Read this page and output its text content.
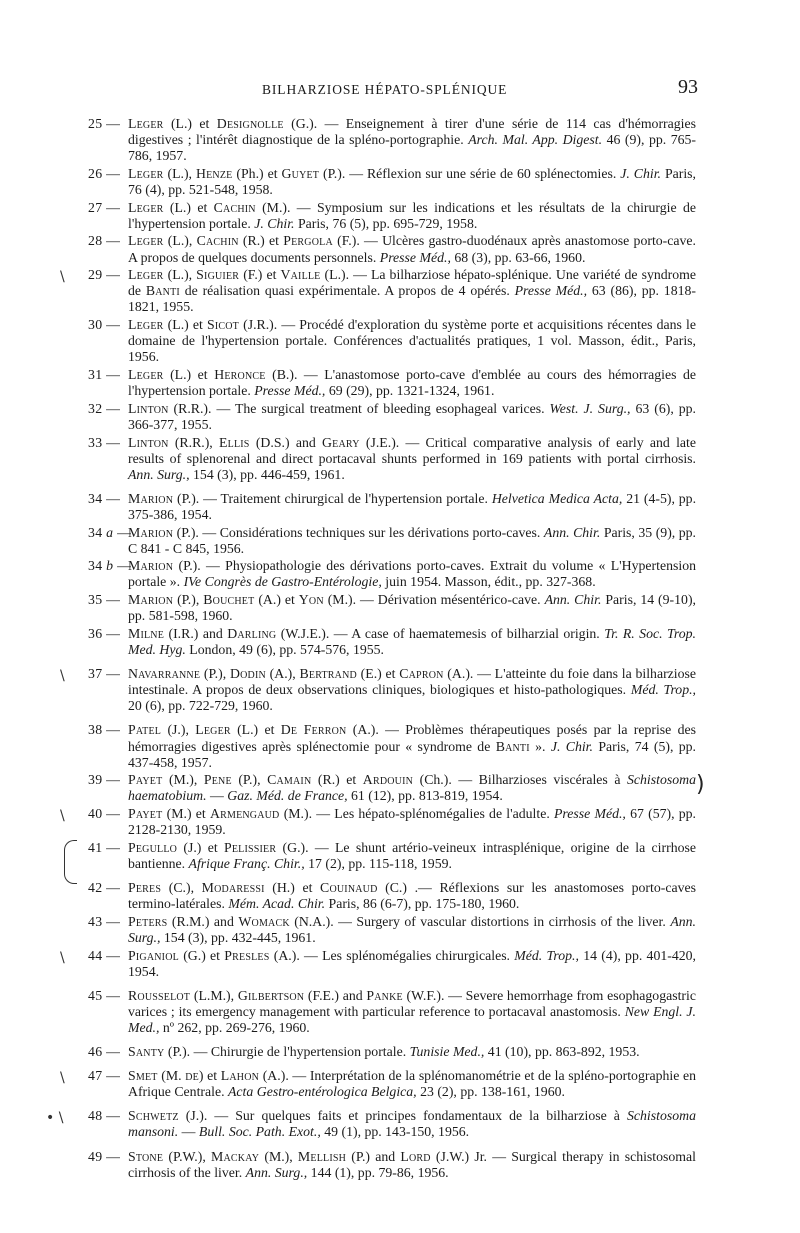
BILHARZIOSE HÉPATO-SPLÉNIQUE	93
25 — Leger (L.) et Designolle (G.). — Enseignement à tirer d'une série de 114 cas d'hémorragies digestives ; l'intérêt diagnostique de la spléno-portographie. Arch. Mal. App. Digest. 46 (9), pp. 765-786, 1957.
26 — Leger (L.), Henze (Ph.) et Guyet (P.). — Réflexion sur une série de 60 splénectomies. J. Chir. Paris, 76 (4), pp. 521-548, 1958.
27 — Leger (L.) et Cachin (M.). — Symposium sur les indications et les résultats de la chirurgie de l'hypertension portale. J. Chir. Paris, 76 (5), pp. 695-729, 1958.
28 — Leger (L.), Cachin (R.) et Pergola (F.). — Ulcères gastro-duodénaux après anastomose porto-cave. A propos de quelques documents personnels. Presse Méd., 68 (3), pp. 63-66, 1960.
29 —
\	Leger (L.), Siguier (F.) et Vaille (L.). — La bilharziose hépato-splénique. Une variété de syndrome de Banti de réalisation quasi expérimentale. A propos de 4 opérés. Presse Méd., 63 (86), pp. 1818-1821, 1955.
30 — Leger (L.) et Sicot (J.R.). — Procédé d'exploration du système porte et acquisitions récentes dans le domaine de l'hypertension portale. Conférences d'actualités pratiques, 1 vol. Masson, édit., Paris, 1956.
31 — Leger (L.) et Heronce (B.). — L'anastomose porto-cave d'emblée au cours des hémorragies de l'hypertension portale. Presse Méd., 69 (29), pp. 1321-1324, 1961.
32 — Linton (R.R.). — The surgical treatment of bleeding esophageal varices. West. J. Surg., 63 (6), pp. 366-377, 1955.
33 — Linton (R.R.), Ellis (D.S.) and Geary (J.E.). — Critical comparative analysis of early and late results of splenorenal and direct portacaval shunts performed in 169 patients with portal cirrhosis. Ann. Surg., 154 (3), pp. 446-459, 1961.
34 — Marion (P.). — Traitement chirurgical de l'hypertension portale. Helvetica Medica Acta, 21 (4-5), pp. 375-386, 1954.
34 a —
Marion (P.). — Considérations techniques sur les dérivations porto-caves. Ann. Chir. Paris, 35 (9), pp. C 841 - C 845, 1956.
34 b —
Marion (P.). — Physiopathologie des dérivations porto-caves. Extrait du volume « L'Hypertension portale ». IVe Congrès de Gastro-Entérologie, juin 1954. Masson, édit., pp. 327-368.
35 — Marion (P.), Bouchet (A.) et Yon (M.). — Dérivation mésentérico-cave. Ann. Chir. Paris, 14 (9-10), pp. 581-598, 1960.
36 — Milne (I.R.) and Darling (W.J.E.). — A case of haematemesis of bilharzial origin. Tr. R. Soc. Trop. Med. Hyg. London, 49 (6), pp. 574-576, 1955.
37 —
\	Navarranne (P.), Dodin (A.), Bertrand (E.) et Capron (A.). — L'atteinte du foie dans la bilharziose intestinale. A propos de deux observations cliniques, biologiques et histo-pathologiques. Méd. Trop., 20 (6), pp. 722-729, 1960.
38 — Patel (J.), Leger (L.) et De Ferron (A.). — Problèmes thérapeutiques posés par la reprise des hémorragies digestives après splénectomie pour « syndrome de Banti ». J. Chir. Paris, 74 (5), pp. 437-458, 1957.
39 —	)
Payet (M.), Pene (P.), Camain (R.) et Ardouin (Ch.). — Bilharzioses viscérales à Schistosoma haematobium. — Gaz. Méd. de France, 61 (12), pp. 813-819, 1954.
40 —
\	Payet (M.) et Armengaud (M.). — Les hépato-splénomégalies de l'adulte. Presse Méd., 67 (57), pp. 2128-2130, 1959.
41 — Pegullo (J.) et Pelissier (G.). — Le shunt artério-veineux intrasplénique, origine de la cirrhose bantienne. Afrique Franç. Chir., 17 (2), pp. 115-118, 1959.
42 — Peres (C.), Modaressi (H.) et Couinaud (C.) .— Réflexions sur les anastomoses porto-caves termino-latérales. Mém. Acad. Chir. Paris, 86 (6-7), pp. 175-180, 1960.
43 — Peters (R.M.) and Womack (N.A.). — Surgery of vascular distortions in cirrhosis of the liver. Ann. Surg., 154 (3), pp. 432-445, 1961.
44 —
\	Piganiol (G.) et Presles (A.). — Les splénomégalies chirurgicales. Méd. Trop., 14 (4), pp. 401-420, 1954.
45 — Rousselot (L.M.), Gilbertson (F.E.) and Panke (W.F.). — Severe hemorrhage from esophagogastric varices ; its emergency management with particular reference to portacaval anastomosis. New Engl. J. Med., nº 262, pp. 269-276, 1960.
46 — Santy (P.). — Chirurgie de l'hypertension portale. Tunisie Med., 41 (10), pp. 863-892, 1953.
47 —
\	Smet (M. de) et Lahon (A.). — Interprétation de la splénomanométrie et de la spléno-portographie en Afrique Centrale. Acta Gestro-entérologica Belgica, 23 (2), pp. 138-161, 1960.
48 —
• \	Schwetz (J.). — Sur quelques faits et principes fondamentaux de la bilharziose à Schistosoma mansoni. — Bull. Soc. Path. Exot., 49 (1), pp. 143-150, 1956.
49 — Stone (P.W.), Mackay (M.), Mellish (P.) and Lord (J.W.) Jr. — Surgical therapy in schistosomal cirrhosis of the liver. Ann. Surg., 144 (1), pp. 79-86, 1956.
